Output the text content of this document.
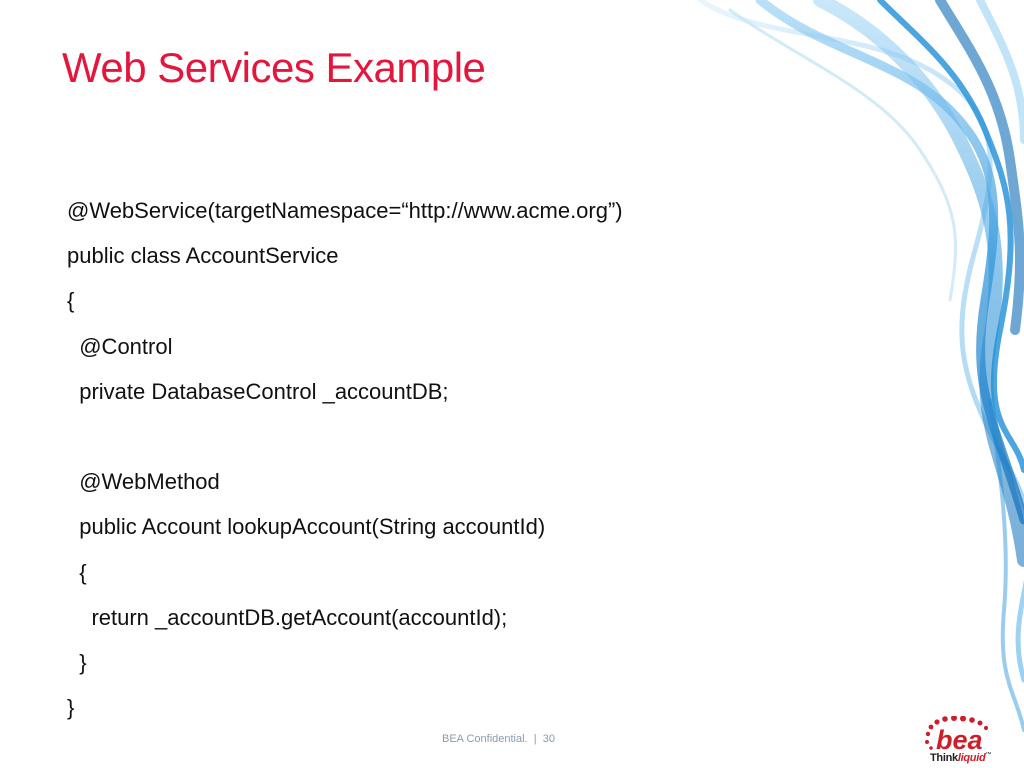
Web Services Example
@WebService(targetNamespace=“http://www.acme.org”)
public class AccountService
{
@Control
private DatabaseControl _accountDB;
@WebMethod
public Account lookupAccount(String accountId)
{
return _accountDB.getAccount(accountId);
}
}
BEA Confidential. | 30	bea
Thinkliquid™
